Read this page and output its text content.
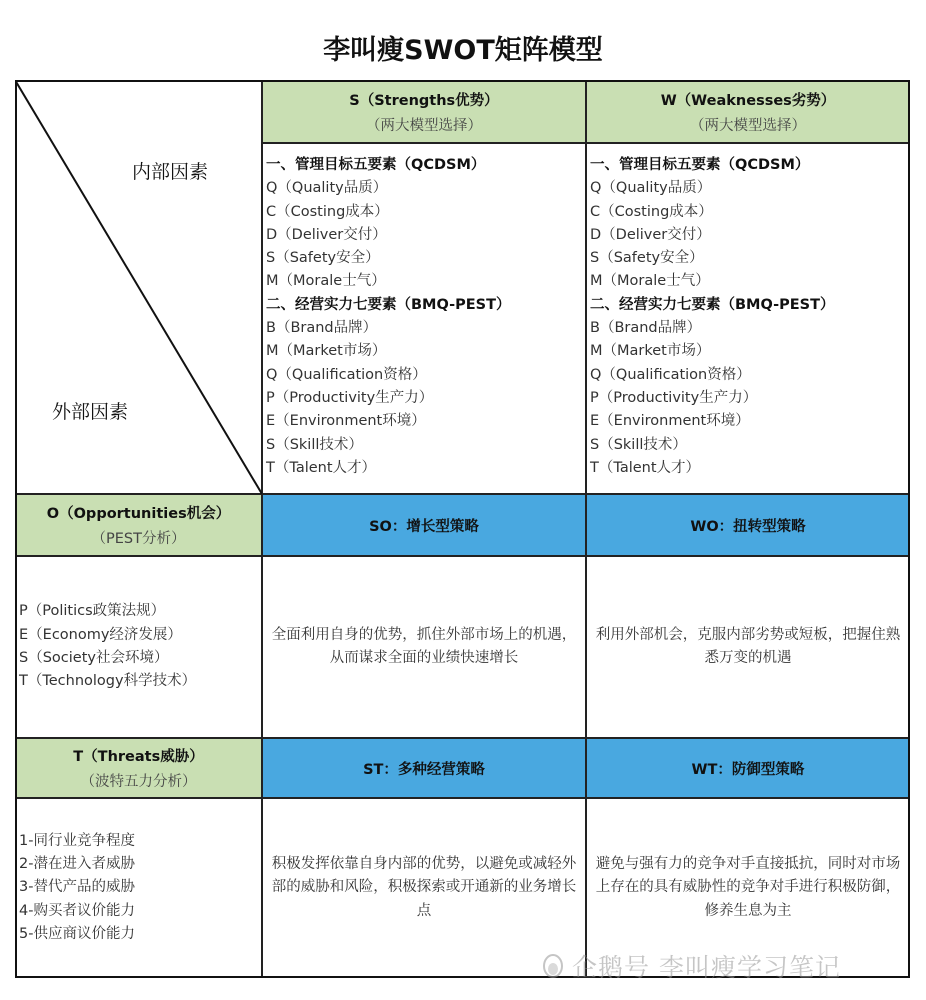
李叫瘦SWOT矩阵模型
内部因素
外部因素
S（Strengths优势）
（两大模型选择）
W（Weaknesses劣势）
（两大模型选择）
一、管理目标五要素（QCDSM）
Q（Quality品质）
C（Costing成本）
D（Deliver交付）
S（Safety安全）
M（Morale士气）
二、经营实力七要素（BMQ-PEST）
B（Brand品牌）
M（Market市场）
Q（Qualification资格）
P（Productivity生产力）
E（Environment环境）
S（Skill技术）
T（Talent人才）
一、管理目标五要素（QCDSM）
Q（Quality品质）
C（Costing成本）
D（Deliver交付）
S（Safety安全）
M（Morale士气）
二、经营实力七要素（BMQ-PEST）
B（Brand品牌）
M（Market市场）
Q（Qualification资格）
P（Productivity生产力）
E（Environment环境）
S（Skill技术）
T（Talent人才）
O（Opportunities机会）
（PEST分析）
SO：增长型策略	WO：扭转型策略
P（Politics政策法规）
E（Economy经济发展）
S（Society社会环境）
T（Technology科学技术）
全面利用自身的优势，抓住外部市场上的机遇，从而谋求全面的业绩快速增长
利用外部机会，克服内部劣势或短板，把握住熟悉万变的机遇
T（Threats威胁）
（波特五力分析）
ST：多种经营策略	WT：防御型策略
1-同行业竞争程度
2-潜在进入者威胁
3-替代产品的威胁
4-购买者议价能力
5-供应商议价能力
积极发挥依靠自身内部的优势，以避免或减轻外部的威胁和风险，积极探索或开通新的业务增长点
避免与强有力的竞争对手直接抵抗，同时对市场上存在的具有威胁性的竞争对手进行积极防御，修养生息为主
企鹅号 李叫瘦学习笔记
